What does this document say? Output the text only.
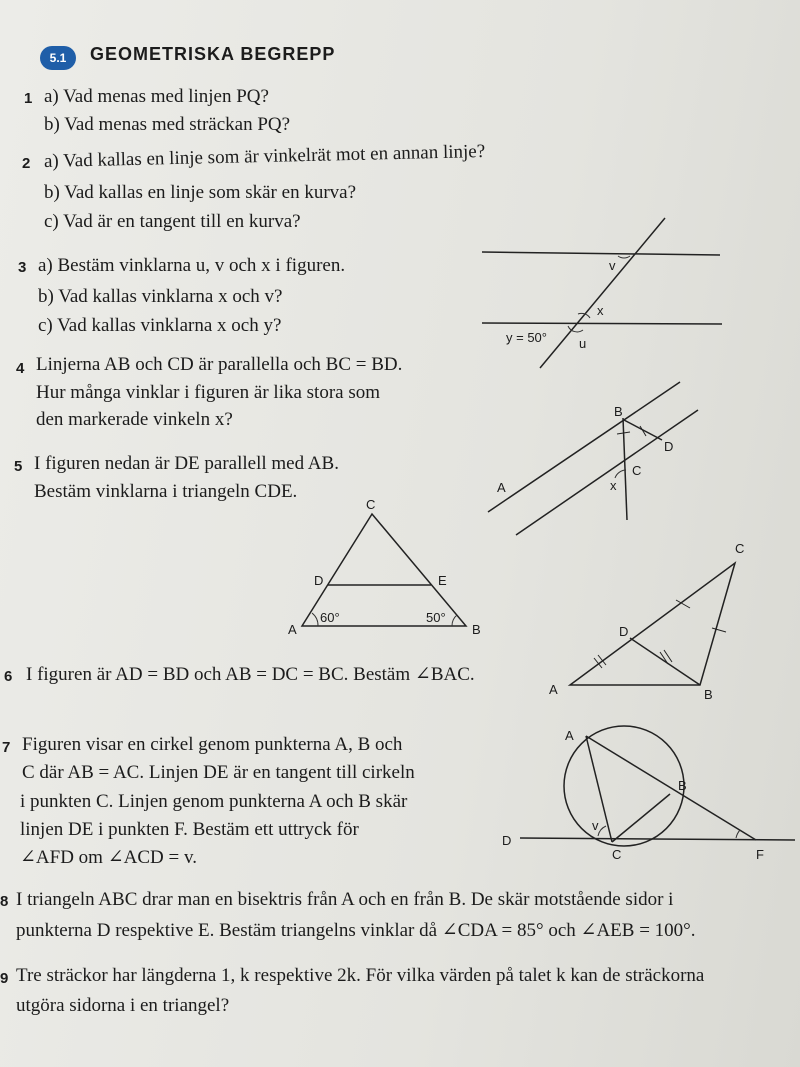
5.1	GEOMETRISKA BEGREPP
1 a) Vad menas med linjen PQ?
b) Vad menas med sträckan PQ?
2 a) Vad kallas en linje som är vinkelrät mot en annan linje?
b) Vad kallas en linje som skär en kurva?
c) Vad är en tangent till en kurva?
3 a) Bestäm vinklarna u, v och x i figuren.
b) Vad kallas vinklarna x och v?
c) Vad kallas vinklarna x och y?
4 Linjerna AB och CD är parallella och BC = BD.
Hur många vinklar i figuren är lika stora som
den markerade vinkeln x?
5 I figuren nedan är DE parallell med AB.
Bestäm vinklarna i triangeln CDE.
6 I figuren är AD = BD och AB = DC = BC. Bestäm ∠BAC.
7 Figuren visar en cirkel genom punkterna A, B och
C där AB = AC. Linjen DE är en tangent till cirkeln
i punkten C. Linjen genom punkterna A och B skär
linjen DE i punkten F. Bestäm ett uttryck för
∠AFD om ∠ACD = v.
8 I triangeln ABC drar man en bisektris från A och en från B. De skär motstående sidor i
punkterna D respektive E. Bestäm triangelns vinklar då ∠CDA = 85° och ∠AEB = 100°.
9 Tre sträckor har längderna 1, k respektive 2k. För vilka värden på talet k kan de sträckorna
utgöra sidorna i en triangel?
v
x
u
y = 50°
B
D
C
A	x
C
D	E
A	B
60°	50°
C
D
A	B
A
B
D
C	F
v
